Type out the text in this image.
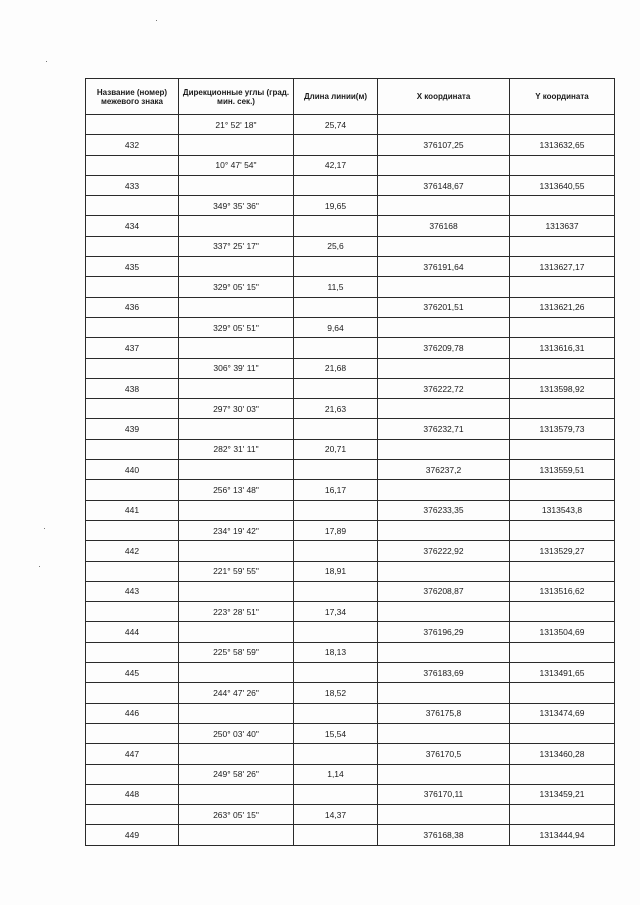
Название (номер) межевого знака	Дирекционные углы (град. мин. сек.)	Длина линии(м)	X координата	Y координата
	21° 52' 18"	25,74		
432			376107,25	1313632,65
	10° 47' 54"	42,17		
433			376148,67	1313640,55
	349° 35' 36"	19,65		
434			376168	1313637
	337° 25' 17"	25,6		
435			376191,64	1313627,17
	329° 05' 15"	11,5		
436			376201,51	1313621,26
	329° 05' 51"	9,64		
437			376209,78	1313616,31
	306° 39' 11"	21,68		
438			376222,72	1313598,92
	297° 30' 03"	21,63		
439			376232,71	1313579,73
	282° 31' 11"	20,71		
440			376237,2	1313559,51
	256° 13' 48"	16,17		
441			376233,35	1313543,8
	234° 19' 42"	17,89		
442			376222,92	1313529,27
	221° 59' 55"	18,91		
443			376208,87	1313516,62
	223° 28' 51"	17,34		
444			376196,29	1313504,69
	225° 58' 59"	18,13		
445			376183,69	1313491,65
	244° 47' 26"	18,52		
446			376175,8	1313474,69
	250° 03' 40"	15,54		
447			376170,5	1313460,28
	249° 58' 26"	1,14		
448			376170,11	1313459,21
	263° 05' 15"	14,37		
449			376168,38	1313444,94
